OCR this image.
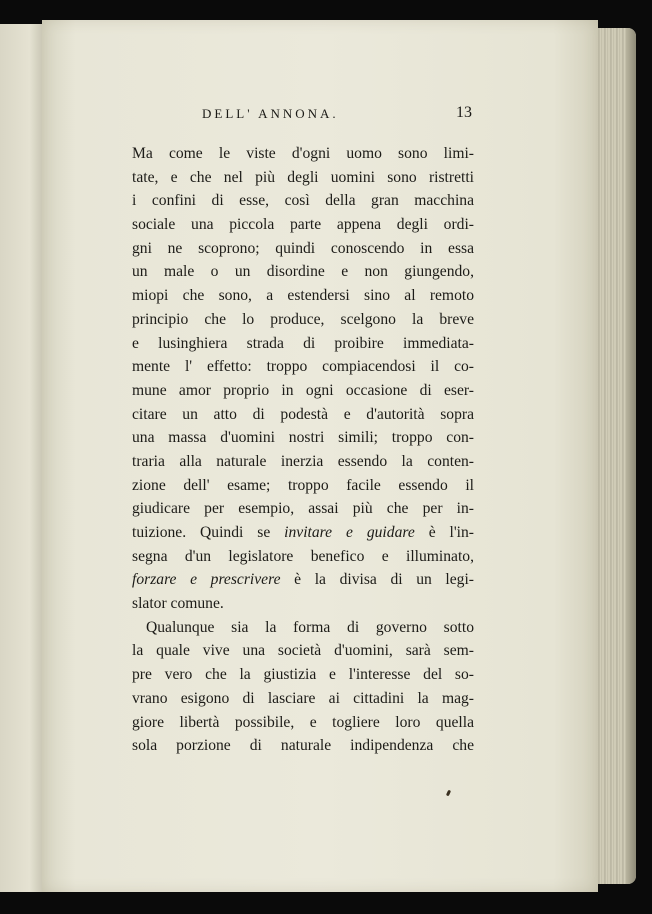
DELL' ANNONA.	13
Ma come le viste d'ogni uomo sono limi-
tate, e che nel più degli uomini sono ristretti
i confini di esse, così della gran macchina
sociale una piccola parte appena degli ordi-
gni ne scoprono; quindi conoscendo in essa
un male o un disordine e non giungendo,
miopi che sono, a estendersi sino al remoto
principio che lo produce, scelgono la breve
e lusinghiera strada di proibire immediata-
mente l' effetto: troppo compiacendosi il co-
mune amor proprio in ogni occasione di eser-
citare un atto di podestà e d'autorità sopra
una massa d'uomini nostri simili; troppo con-
traria alla naturale inerzia essendo la conten-
zione dell' esame; troppo facile essendo il
giudicare per esempio, assai più che per in-
tuizione. Quindi se invitare e guidare è l'in-
segna d'un legislatore benefico e illuminato,
forzare e prescrivere è la divisa di un legi-
slator comune.
Qualunque sia la forma di governo sotto
la quale vive una società d'uomini, sarà sem-
pre vero che la giustizia e l'interesse del so-
vrano esigono di lasciare ai cittadini la mag-
giore libertà possibile, e togliere loro quella
sola porzione di naturale indipendenza che
